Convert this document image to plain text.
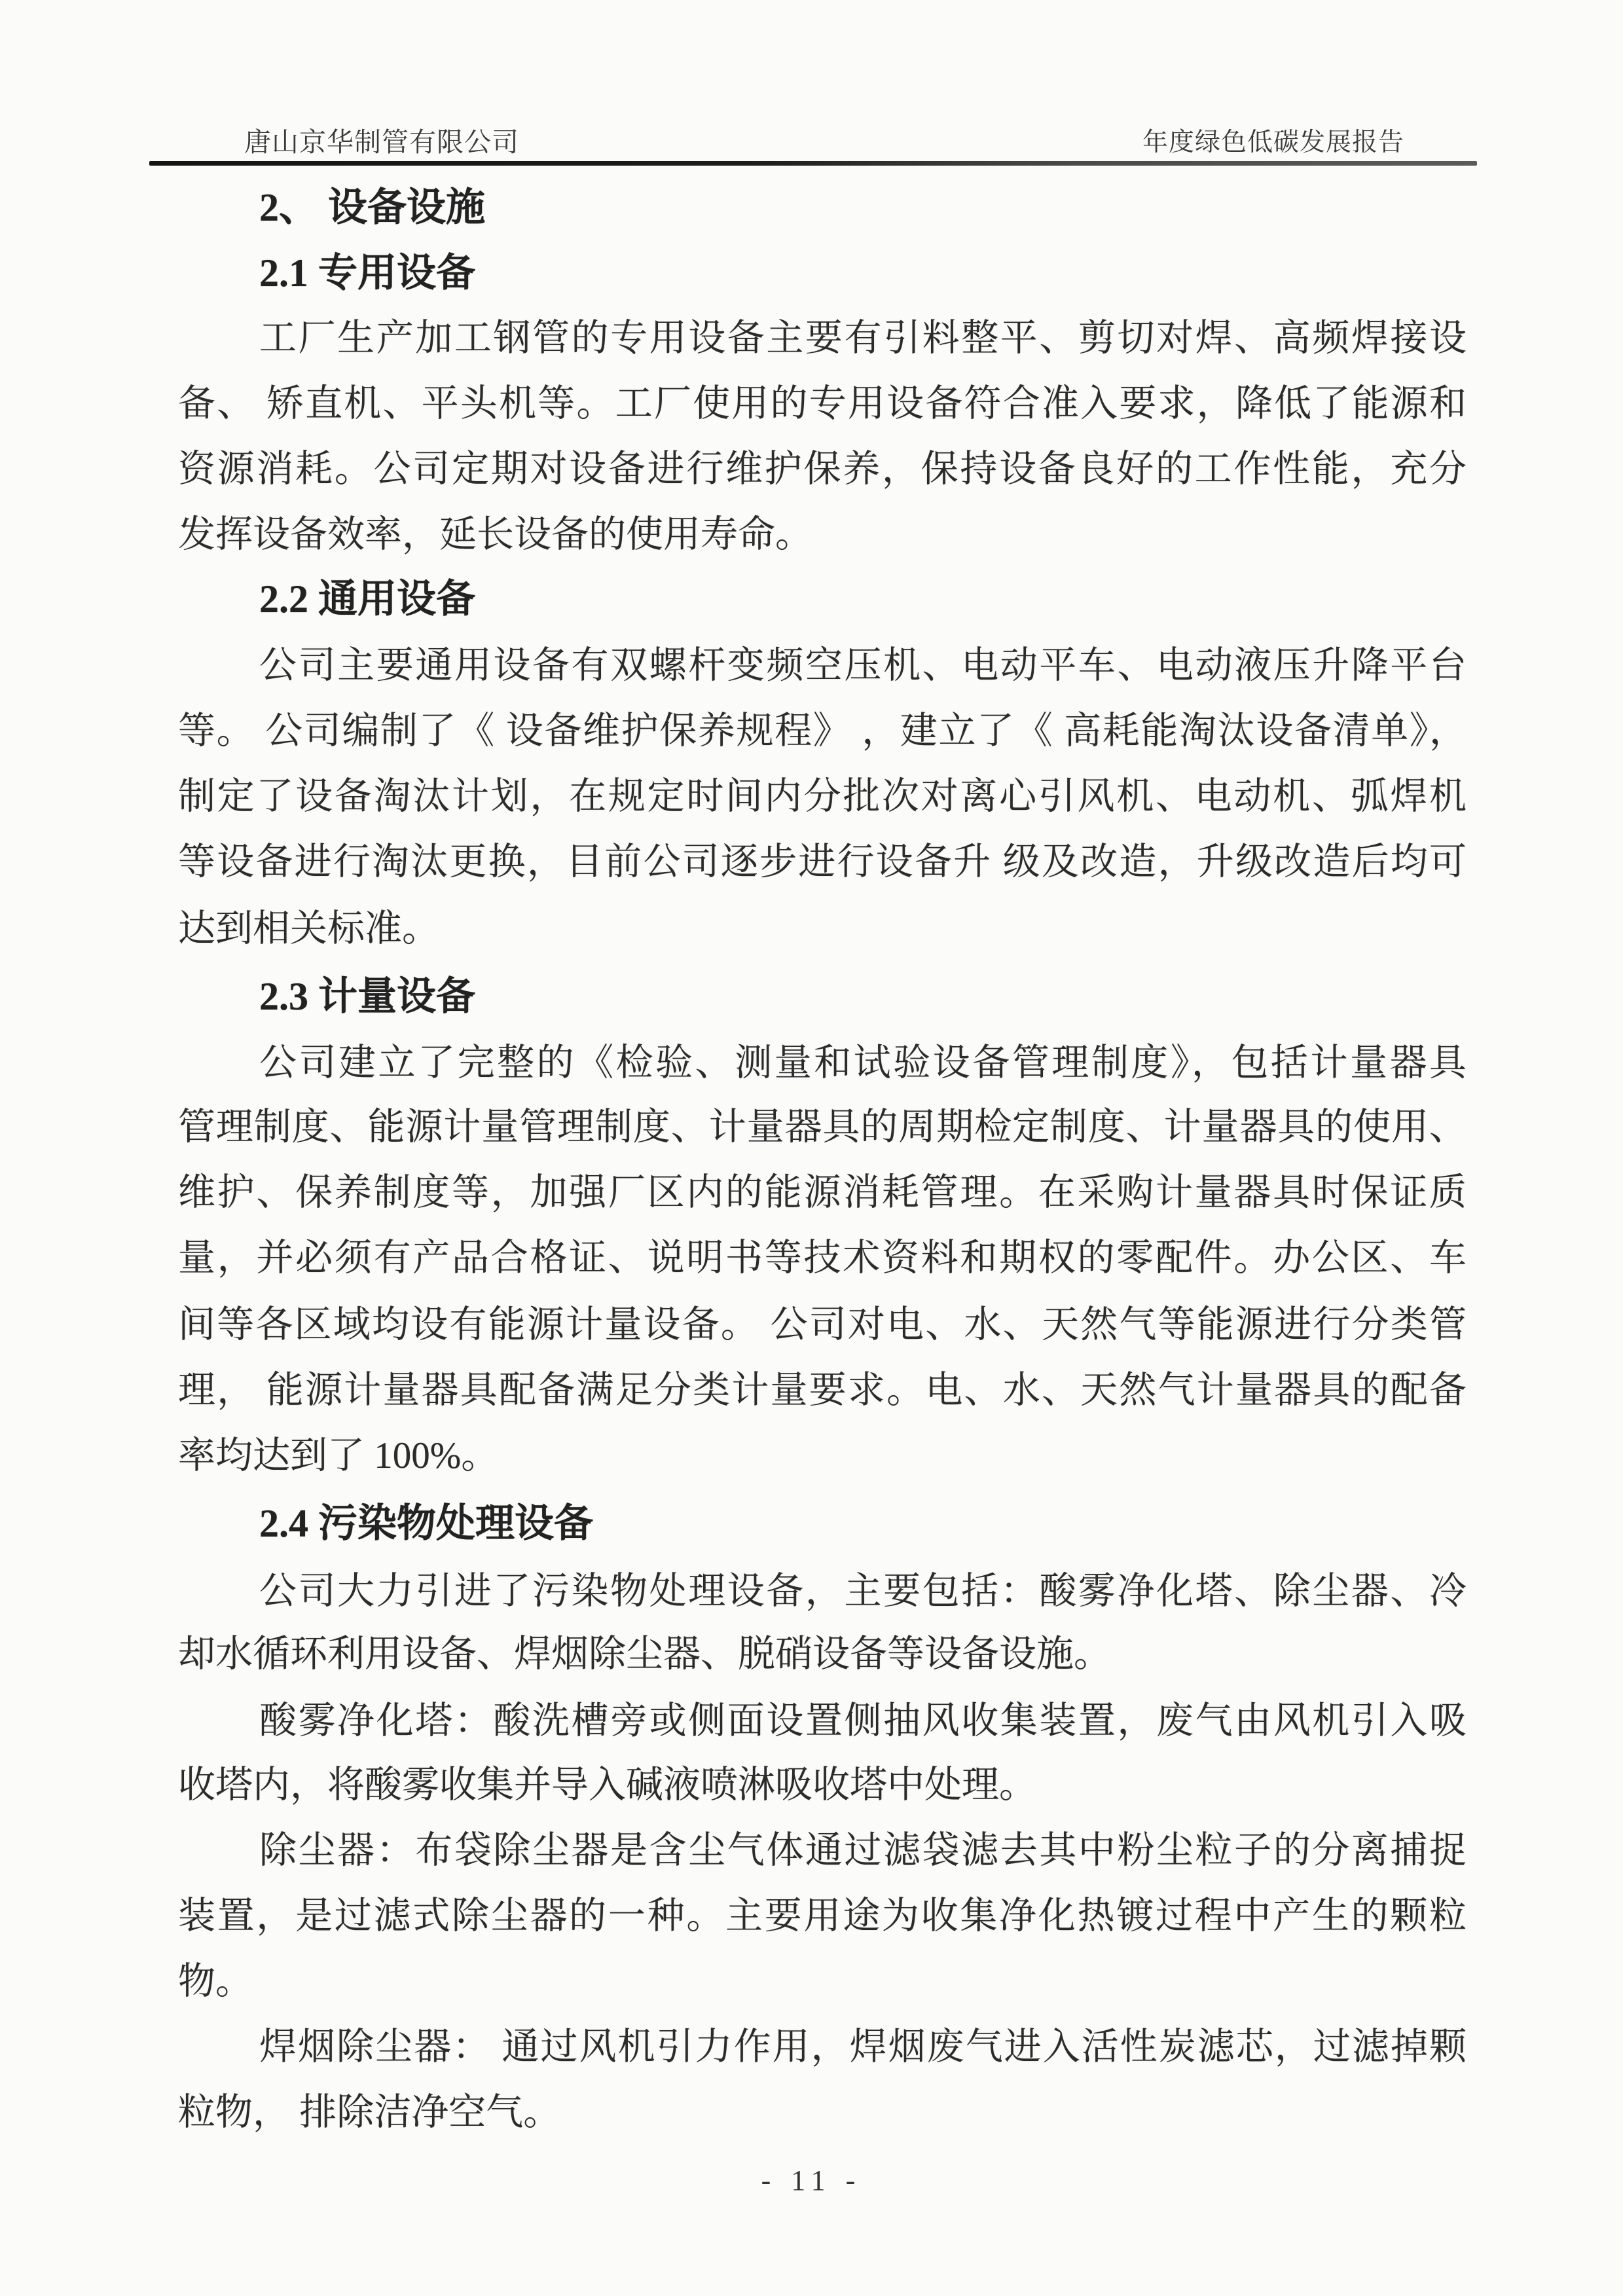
唐山京华制管有限公司	年度绿色低碳发展报告
2、 设备设施
2.1 专用设备
工厂生产加工钢管的专用设备主要有引料整平、剪切对焊、高频焊接设
备、 矫直机、平头机等。工厂使用的专用设备符合准入要求，降低了能源和
资源消耗。公司定期对设备进行维护保养，保持设备良好的工作性能，充分
发挥设备效率，延长设备的使用寿命。
2.2 通用设备
公司主要通用设备有双螺杆变频空压机、电动平车、电动液压升降平台
等。 公司编制了《 设备维护保养规程》 ，建立了《 高耗能淘汰设备清单》，
制定了设备淘汰计划，在规定时间内分批次对离心引风机、电动机、弧焊机
等设备进行淘汰更换，目前公司逐步进行设备升 级及改造，升级改造后均可
达到相关标准。
2.3 计量设备
公司建立了完整的《检验、测量和试验设备管理制度》，包括计量器具
管理制度、能源计量管理制度、计量器具的周期检定制度、计量器具的使用、
维护、保养制度等，加强厂区内的能源消耗管理。在采购计量器具时保证质
量，并必须有产品合格证、说明书等技术资料和期权的零配件。办公区、车
间等各区域均设有能源计量设备。 公司对电、水、天然气等能源进行分类管
理， 能源计量器具配备满足分类计量要求。电、水、天然气计量器具的配备
率均达到了 100%。
2.4 污染物处理设备
公司大力引进了污染物处理设备，主要包括：酸雾净化塔、除尘器、冷
却水循环利用设备、焊烟除尘器、脱硝设备等设备设施。
酸雾净化塔：酸洗槽旁或侧面设置侧抽风收集装置，废气由风机引入吸
收塔内，将酸雾收集并导入碱液喷淋吸收塔中处理。
除尘器：布袋除尘器是含尘气体通过滤袋滤去其中粉尘粒子的分离捕捉
装置，是过滤式除尘器的一种。主要用途为收集净化热镀过程中产生的颗粒
物。
焊烟除尘器： 通过风机引力作用，焊烟废气进入活性炭滤芯，过滤掉颗
粒物， 排除洁净空气。
- 11 -
